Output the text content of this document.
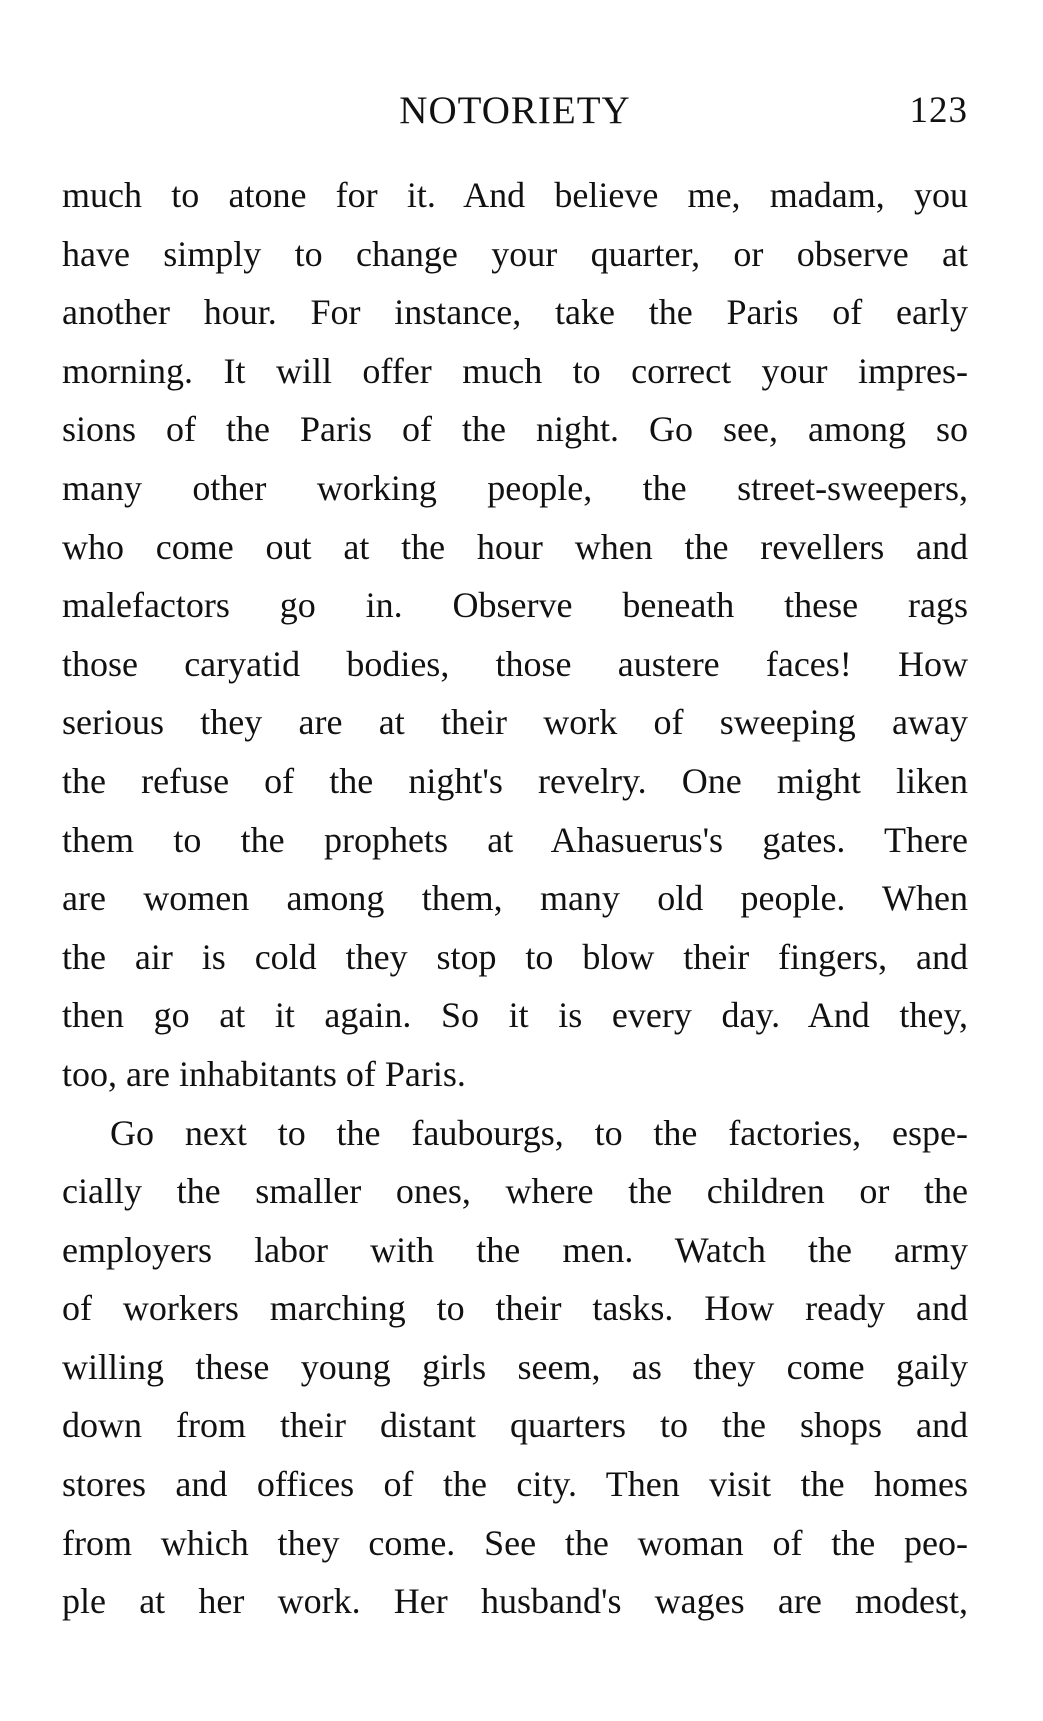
NOTORIETY	123
much to atone for it. And believe me, madam, you
have simply to change your quarter, or observe at
another hour. For instance, take the Paris of early
morning. It will offer much to correct your impres-
sions of the Paris of the night. Go see, among so
many other working people, the street-sweepers,
who come out at the hour when the revellers and
malefactors go in. Observe beneath these rags
those caryatid bodies, those austere faces! How
serious they are at their work of sweeping away
the refuse of the night's revelry. One might liken
them to the prophets at Ahasuerus's gates. There
are women among them, many old people. When
the air is cold they stop to blow their fingers, and
then go at it again. So it is every day. And they,
too, are inhabitants of Paris.
Go next to the faubourgs, to the factories, espe-
cially the smaller ones, where the children or the
employers labor with the men. Watch the army
of workers marching to their tasks. How ready and
willing these young girls seem, as they come gaily
down from their distant quarters to the shops and
stores and offices of the city. Then visit the homes
from which they come. See the woman of the peo-
ple at her work. Her husband's wages are modest,
